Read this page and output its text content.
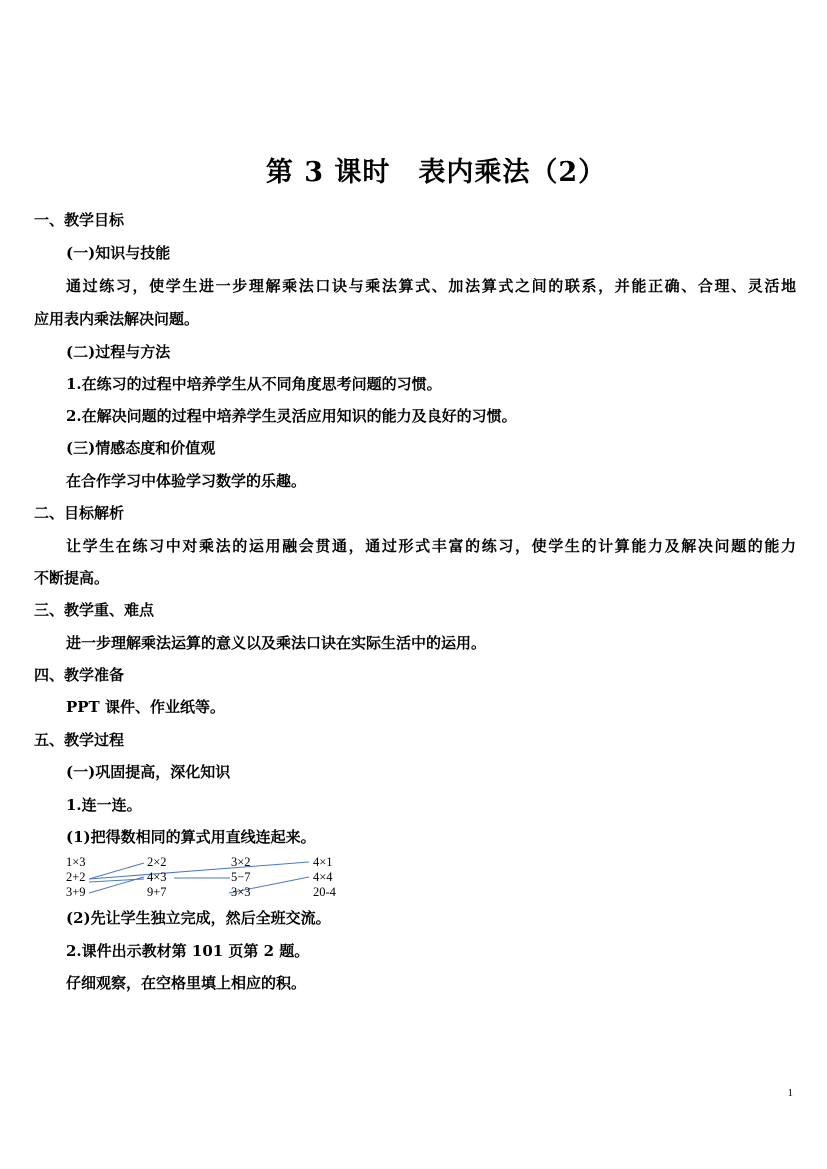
第 3 课时　表内乘法（2）
一、教学目标
(一)知识与技能
通过练习，使学生进一步理解乘法口诀与乘法算式、加法算式之间的联系，并能正确、合理、灵活地
应用表内乘法解决问题。
(二)过程与方法
1.在练习的过程中培养学生从不同角度思考问题的习惯。
2.在解决问题的过程中培养学生灵活应用知识的能力及良好的习惯。
(三)情感态度和价值观
在合作学习中体验学习数学的乐趣。
二、目标解析
让学生在练习中对乘法的运用融会贯通，通过形式丰富的练习，使学生的计算能力及解决问题的能力
不断提高。
三、教学重、难点
进一步理解乘法运算的意义以及乘法口诀在实际生活中的运用。
四、教学准备
PPT 课件、作业纸等。
五、教学过程
(一)巩固提高，深化知识
1.连一连。
(1)把得数相同的算式用直线连起来。
1×3
2+2
3+9
2×2
4×3
9+7
3×2
5−7
3×3
4×1
4×4
20-4
(2)先让学生独立完成，然后全班交流。
2.课件出示教材第 101 页第 2 题。
仔细观察，在空格里填上相应的积。
1
